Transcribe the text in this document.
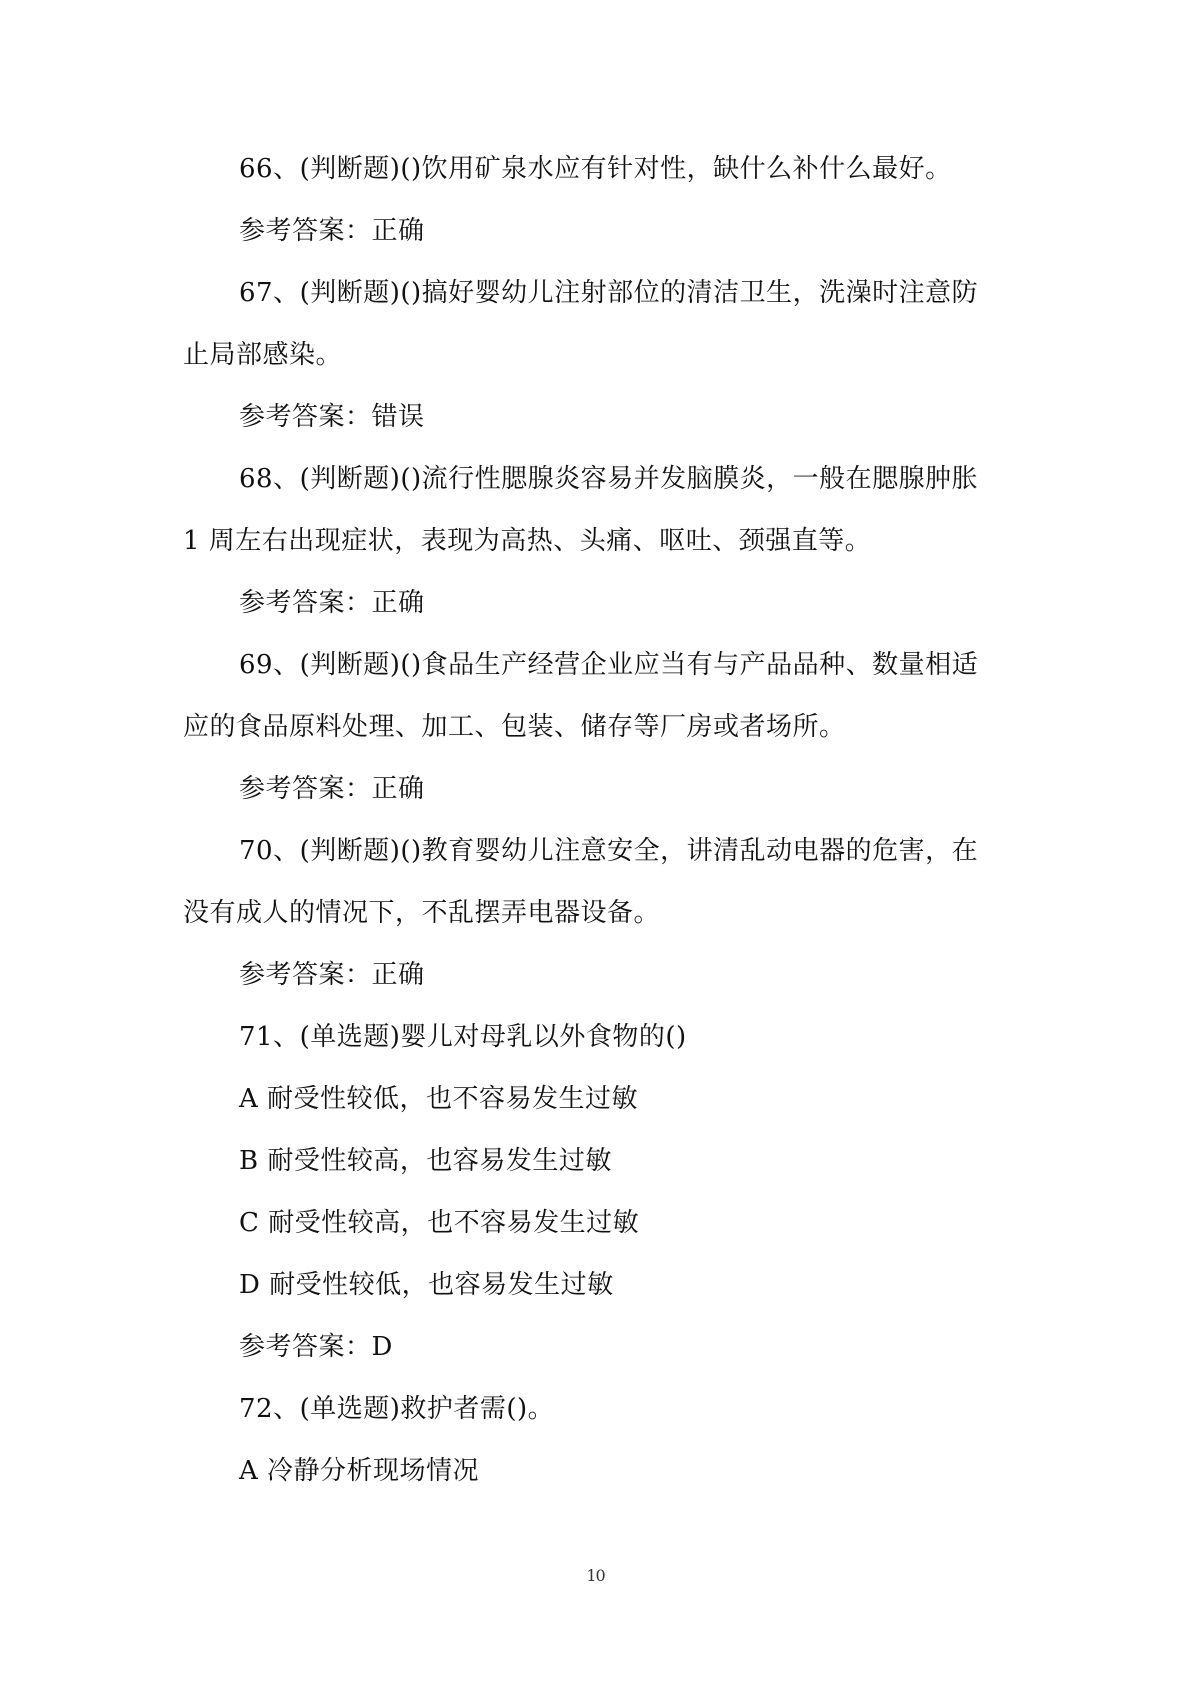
66、(判断题)()饮用矿泉水应有针对性，缺什么补什么最好。
参考答案：正确
67、(判断题)()搞好婴幼儿注射部位的清洁卫生，洗澡时注意防
止局部感染。
参考答案：错误
68、(判断题)()流行性腮腺炎容易并发脑膜炎，一般在腮腺肿胀
1 周左右出现症状，表现为高热、头痛、呕吐、颈强直等。
参考答案：正确
69、(判断题)()食品生产经营企业应当有与产品品种、数量相适
应的食品原料处理、加工、包装、储存等厂房或者场所。
参考答案：正确
70、(判断题)()教育婴幼儿注意安全，讲清乱动电器的危害，在
没有成人的情况下，不乱摆弄电器设备。
参考答案：正确
71、(单选题)婴儿对母乳以外食物的()
A 耐受性较低，也不容易发生过敏
B 耐受性较高，也容易发生过敏
C 耐受性较高，也不容易发生过敏
D 耐受性较低，也容易发生过敏
参考答案：D
72、(单选题)救护者需()。
A 冷静分析现场情况
10
